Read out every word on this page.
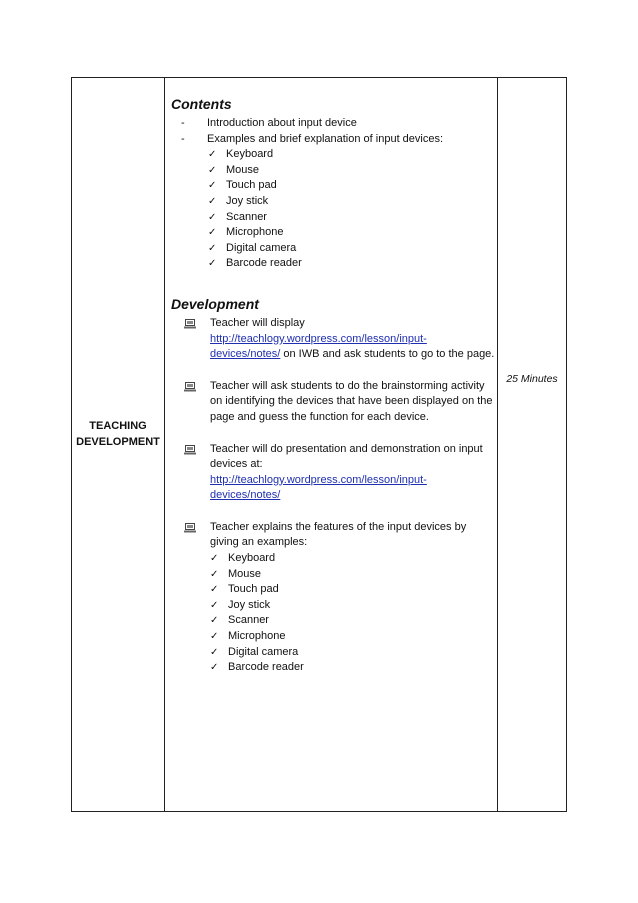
TEACHING
DEVELOPMENT

Contents

-	Introduction about input device
-	Examples and brief explanation of input devices:
✓ Keyboard
✓ Mouse
✓ Touch pad
✓ Joy stick
✓ Scanner
✓ Microphone
✓ Digital camera
✓ Barcode reader

Development

Teacher will display
http://teachlogy.wordpress.com/lesson/input-
devices/notes/ on IWB and ask students to go to the page.
Teacher will ask students to do the brainstorming activity on identifying the devices that have been displayed on the page and guess the function for each device.
Teacher will do presentation and demonstration on input devices at:
http://teachlogy.wordpress.com/lesson/input-
devices/notes/
Teacher explains the features of the input devices by giving an examples:
✓ Keyboard
✓ Mouse
✓ Touch pad
✓ Joy stick
✓ Scanner
✓ Microphone
✓ Digital camera
✓ Barcode reader
25 Minutes
